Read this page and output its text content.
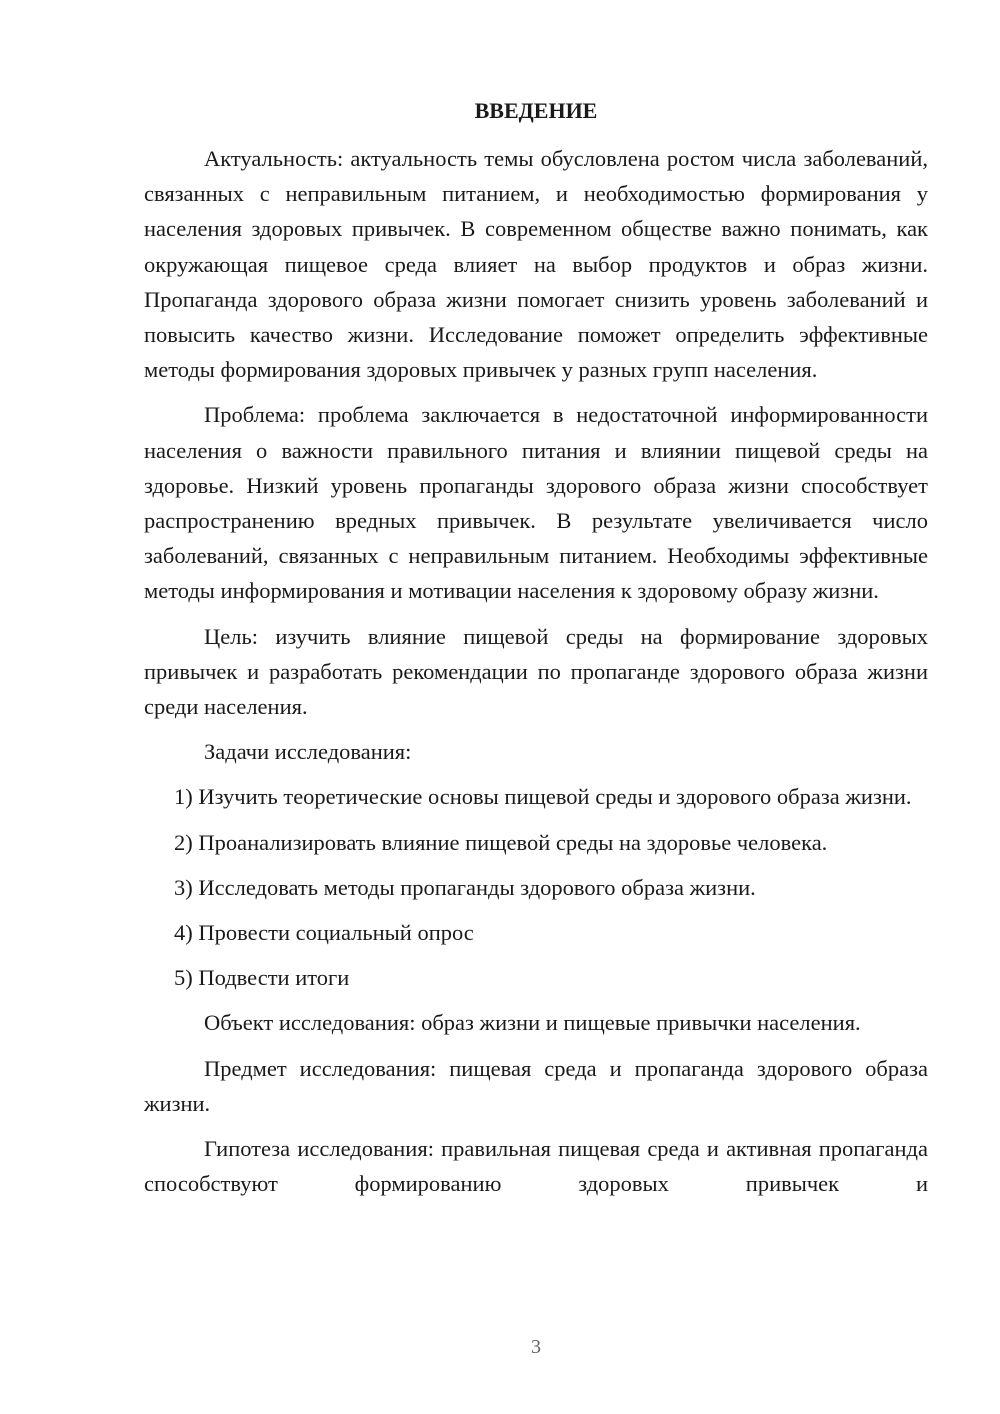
ВВЕДЕНИЕ

Актуальность: актуальность темы обусловлена ростом числа заболеваний, связанных с неправильным питанием, и необходимостью формирования у населения здоровых привычек. В современном обществе важно понимать, как окружающая пищевое среда влияет на выбор продуктов и образ жизни. Пропаганда здорового образа жизни помогает снизить уровень заболеваний и повысить качество жизни. Исследование поможет определить эффективные методы формирования здоровых привычек у разных групп населения.

Проблема: проблема заключается в недостаточной информированности населения о важности правильного питания и влиянии пищевой среды на здоровье. Низкий уровень пропаганды здорового образа жизни способствует распространению вредных привычек. В результате увеличивается число заболеваний, связанных с неправильным питанием. Необходимы эффективные методы информирования и мотивации населения к здоровому образу жизни.

Цель: изучить влияние пищевой среды на формирование здоровых привычек и разработать рекомендации по пропаганде здорового образа жизни среди населения.

Задачи исследования:

1) Изучить теоретические основы пищевой среды и здорового образа жизни.

2) Проанализировать влияние пищевой среды на здоровье человека.

3) Исследовать методы пропаганды здорового образа жизни.

4) Провести социальный опрос

5) Подвести итоги

Объект исследования: образ жизни и пищевые привычки населения.

Предмет исследования: пищевая среда и пропаганда здорового образа жизни.

Гипотеза исследования: правильная пищевая среда и активная пропаганда способствуют формированию здоровых привычек и

3
